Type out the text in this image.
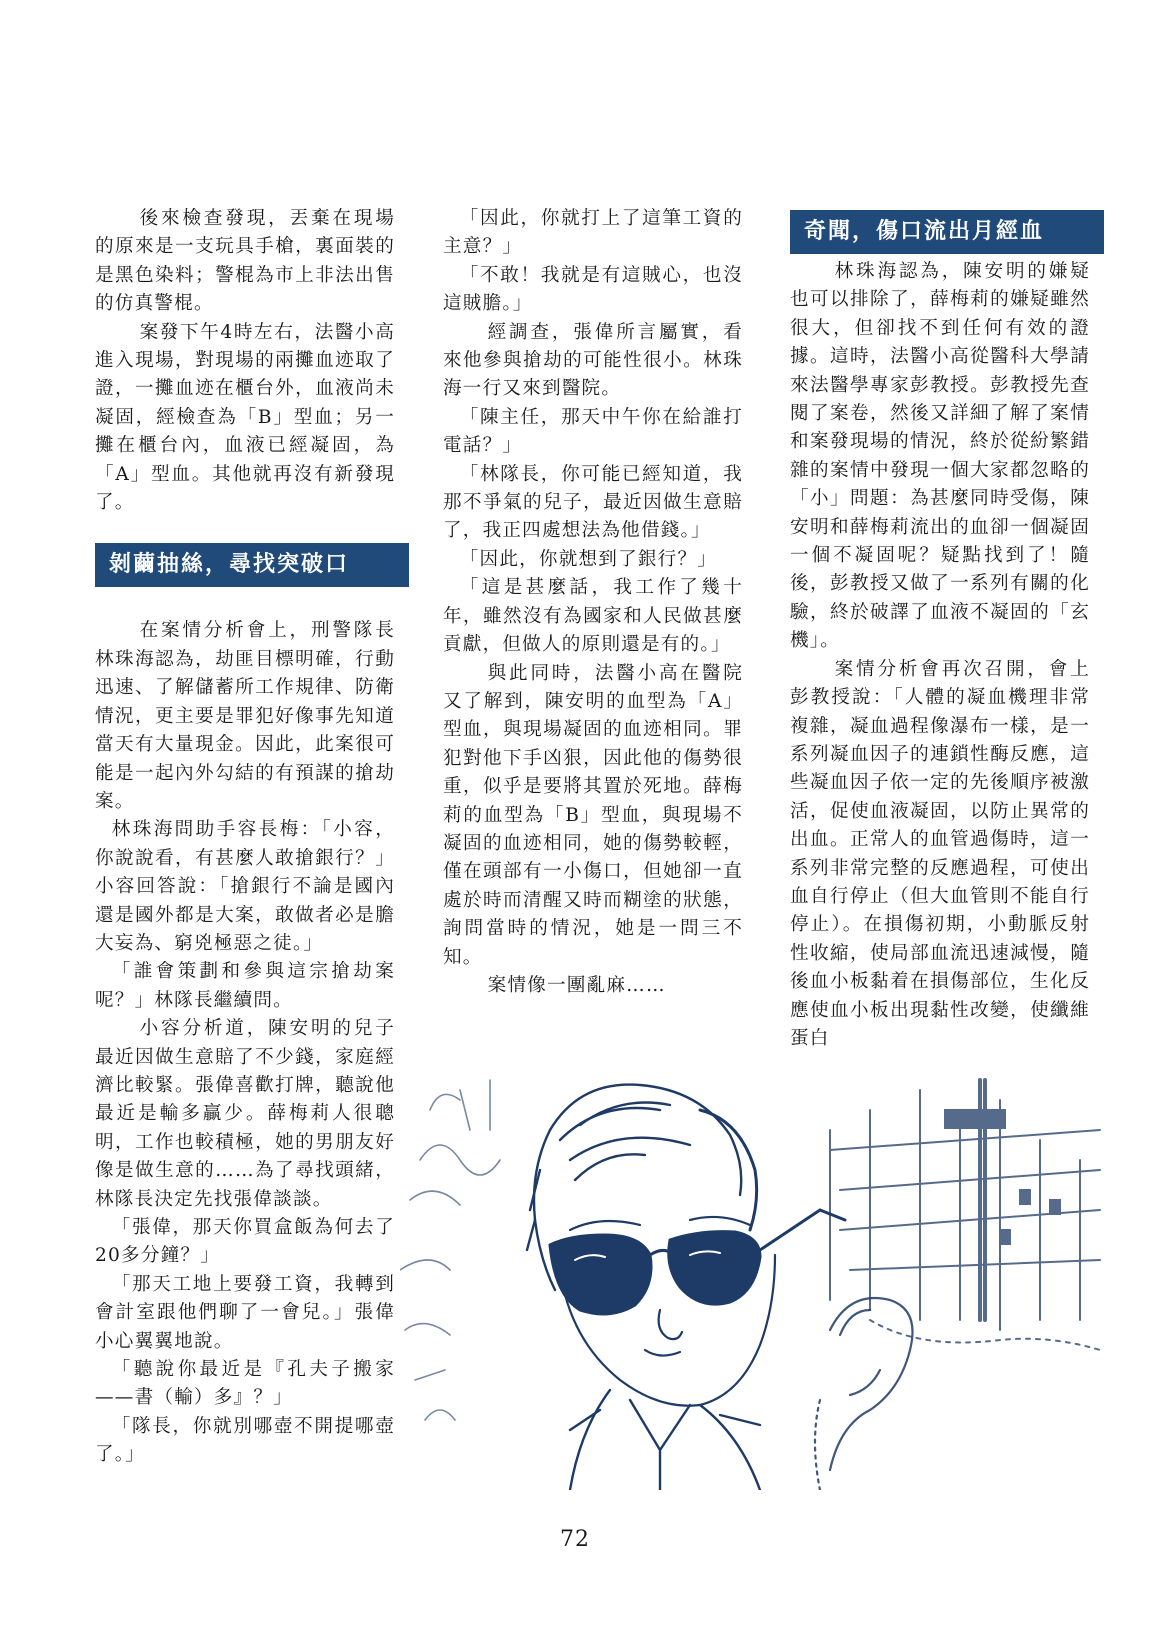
後來檢查發現，丟棄在現場的原來是一支玩具手槍，裏面裝的是黑色染料；警棍為市上非法出售的仿真警棍。

案發下午4時左右，法醫小高進入現場，對現場的兩攤血迹取了證，一攤血迹在櫃台外，血液尚未凝固，經檢查為「B」型血；另一攤在櫃台內，血液已經凝固，為「A」型血。其他就再沒有新發現了。

在案情分析會上，刑警隊長林珠海認為，劫匪目標明確，行動迅速、了解儲蓄所工作規律、防衛情況，更主要是罪犯好像事先知道當天有大量現金。因此，此案很可能是一起內外勾結的有預謀的搶劫案。

林珠海問助手容長梅：「小容，你說說看，有甚麼人敢搶銀行？」小容回答說：「搶銀行不論是國內還是國外都是大案，敢做者必是膽大妄為、窮兇極惡之徒。」

「誰會策劃和參與這宗搶劫案呢？」林隊長繼續問。

小容分析道，陳安明的兒子最近因做生意賠了不少錢，家庭經濟比較緊。張偉喜歡打牌，聽說他最近是輸多贏少。薛梅莉人很聰明，工作也較積極，她的男朋友好像是做生意的……為了尋找頭緒，林隊長決定先找張偉談談。

「張偉，那天你買盒飯為何去了20多分鐘？」

「那天工地上要發工資，我轉到會計室跟他們聊了一會兒。」張偉小心翼翼地說。

「聽說你最近是『孔夫子搬家——書（輸）多』？」

「隊長，你就別哪壺不開提哪壺了。」

剝繭抽絲，尋找突破口

「因此，你就打上了這筆工資的主意？」

「不敢！我就是有這賊心，也沒這賊膽。」

經調查，張偉所言屬實，看來他參與搶劫的可能性很小。林珠海一行又來到醫院。

「陳主任，那天中午你在給誰打電話？」

「林隊長，你可能已經知道，我那不爭氣的兒子，最近因做生意賠了，我正四處想法為他借錢。」

「因此，你就想到了銀行？」

「這是甚麼話，我工作了幾十年，雖然沒有為國家和人民做甚麼貢獻，但做人的原則還是有的。」

與此同時，法醫小高在醫院又了解到，陳安明的血型為「A」型血，與現場凝固的血迹相同。罪犯對他下手凶狠，因此他的傷勢很重，似乎是要將其置於死地。薛梅莉的血型為「B」型血，與現場不凝固的血迹相同，她的傷勢較輕，僅在頭部有一小傷口，但她卻一直處於時而清醒又時而糊塗的狀態，詢問當時的情況，她是一問三不知。

案情像一團亂麻……

奇聞，傷口流出月經血

林珠海認為，陳安明的嫌疑也可以排除了，薛梅莉的嫌疑雖然很大，但卻找不到任何有效的證據。這時，法醫小高從醫科大學請來法醫學專家彭教授。彭教授先查閱了案卷，然後又詳細了解了案情和案發現場的情況，終於從紛繁錯雜的案情中發現一個大家都忽略的「小」問題：為甚麼同時受傷，陳安明和薛梅莉流出的血卻一個凝固一個不凝固呢？疑點找到了！隨後，彭教授又做了一系列有關的化驗，終於破譯了血液不凝固的「玄機」。

案情分析會再次召開，會上彭教授說：「人體的凝血機理非常複雜，凝血過程像瀑布一樣，是一系列凝血因子的連鎖性酶反應，這些凝血因子依一定的先後順序被激活，促使血液凝固，以防止異常的出血。正常人的血管過傷時，這一系列非常完整的反應過程，可使出血自行停止（但大血管則不能自行停止）。在損傷初期，小動脈反射性收縮，使局部血流迅速減慢，隨後血小板黏着在損傷部位，生化反應使血小板出現黏性改變，使纖維蛋白

72
